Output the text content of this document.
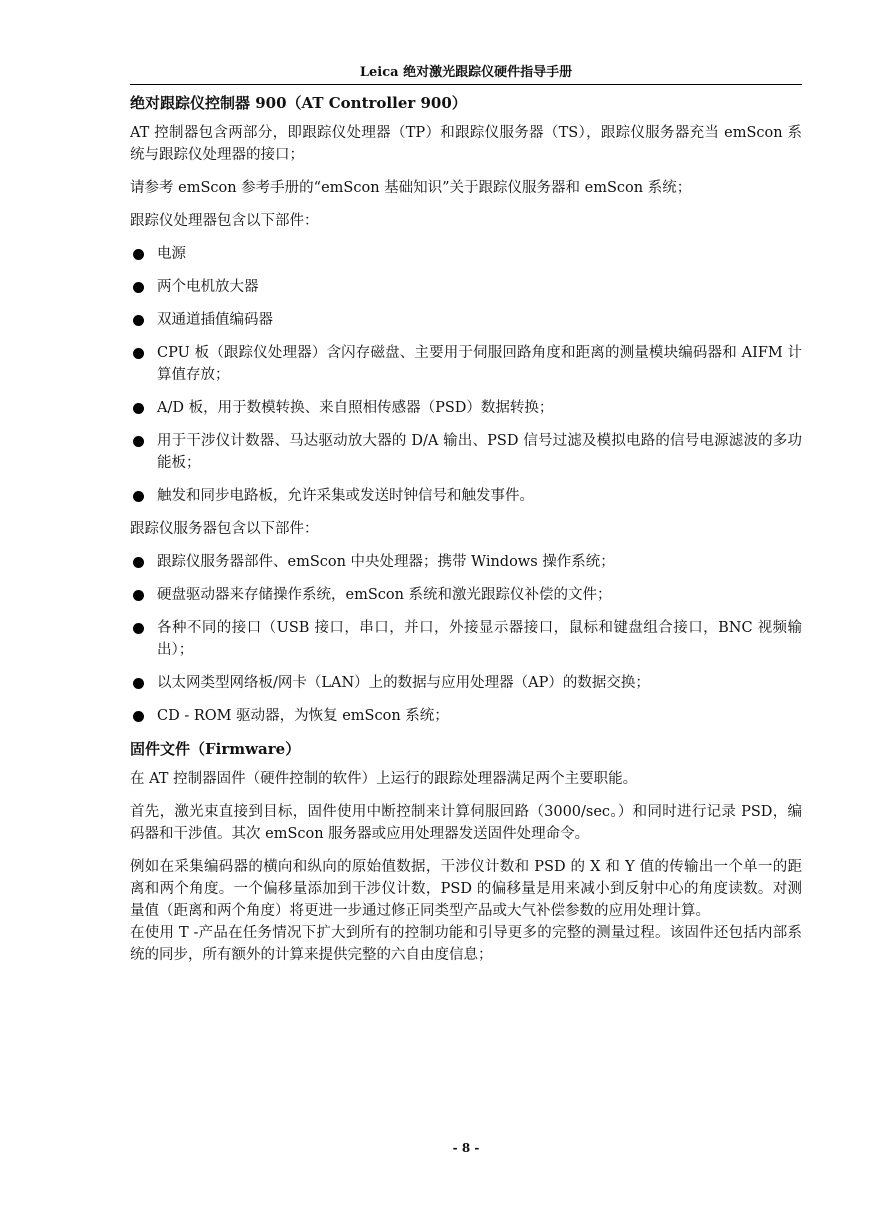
Leica 绝对激光跟踪仪硬件指导手册
绝对跟踪仪控制器 900（AT Controller 900）
AT 控制器包含两部分，即跟踪仪处理器（TP）和跟踪仪服务器（TS），跟踪仪服务器充当 emScon 系统与跟踪仪处理器的接口；
请参考 emScon 参考手册的“emScon 基础知识”关于跟踪仪服务器和 emScon 系统；
跟踪仪处理器包含以下部件：
电源
两个电机放大器
双通道插值编码器
CPU 板（跟踪仪处理器）含闪存磁盘、主要用于伺服回路角度和距离的测量模块编码器和 AIFM 计算值存放；
A/D 板，用于数模转换、来自照相传感器（PSD）数据转换；
用于干涉仪计数器、马达驱动放大器的 D/A 输出、PSD 信号过滤及模拟电路的信号电源滤波的多功能板；
触发和同步电路板，允许采集或发送时钟信号和触发事件。
跟踪仪服务器包含以下部件：
跟踪仪服务器部件、emScon 中央处理器；携带 Windows 操作系统；
硬盘驱动器来存储操作系统，emScon 系统和激光跟踪仪补偿的文件；
各种不同的接口（USB 接口，串口，并口，外接显示器接口，鼠标和键盘组合接口，BNC 视频输出）；
以太网类型网络板/网卡（LAN）上的数据与应用处理器（AP）的数据交换；
CD - ROM 驱动器，为恢复 emScon 系统；
固件文件（Firmware）
在 AT 控制器固件（硬件控制的软件）上运行的跟踪处理器满足两个主要职能。
首先，激光束直接到目标，固件使用中断控制来计算伺服回路（3000/sec。）和同时进行记录 PSD，编码器和干涉值。其次 emScon 服务器或应用处理器发送固件处理命令。
例如在采集编码器的横向和纵向的原始值数据，干涉仪计数和 PSD 的 X 和 Y 值的传输出一个单一的距离和两个角度。一个偏移量添加到干涉仪计数，PSD 的偏移量是用来减小到反射中心的角度读数。对测量值（距离和两个角度）将更进一步通过修正同类型产品或大气补偿参数的应用处理计算。
在使用 T -产品在任务情况下扩大到所有的控制功能和引导更多的完整的测量过程。该固件还包括内部系统的同步，所有额外的计算来提供完整的六自由度信息；
- 8 -
